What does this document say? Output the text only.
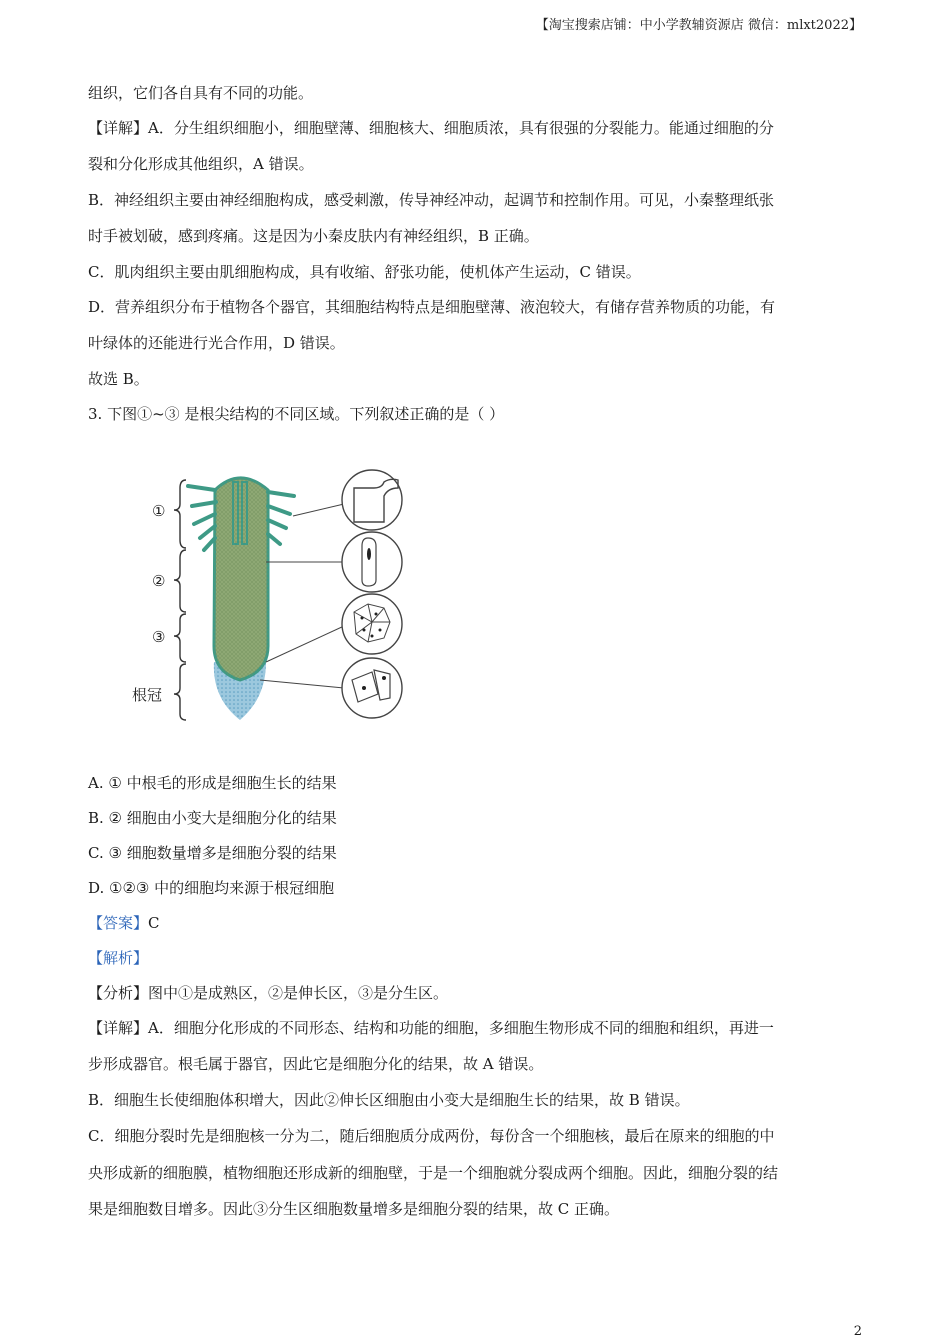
【淘宝搜索店铺：中小学教辅资源店 微信：mlxt2022】
组织，它们各自具有不同的功能。
【详解】A．分生组织细胞小，细胞壁薄、细胞核大、细胞质浓，具有很强的分裂能力。能通过细胞的分
裂和分化形成其他组织，A 错误。
B．神经组织主要由神经细胞构成，感受刺激，传导神经冲动，起调节和控制作用。可见，小秦整理纸张
时手被划破，感到疼痛。这是因为小秦皮肤内有神经组织，B 正确。
C．肌肉组织主要由肌细胞构成，具有收缩、舒张功能，使机体产生运动，C 错误。
D．营养组织分布于植物各个器官，其细胞结构特点是细胞壁薄、液泡较大，有储存营养物质的功能，有
叶绿体的还能进行光合作用，D 错误。
故选 B。
3. 下图①~③ 是根尖结构的不同区域。下列叙述正确的是（ ）
①
②
③
根冠
A. ① 中根毛的形成是细胞生长的结果
B. ② 细胞由小变大是细胞分化的结果
C. ③ 细胞数量增多是细胞分裂的结果
D. ①②③ 中的细胞均来源于根冠细胞
【答案】C
【解析】
【分析】图中①是成熟区，②是伸长区，③是分生区。
【详解】A．细胞分化形成的不同形态、结构和功能的细胞，多细胞生物形成不同的细胞和组织，再进一
步形成器官。根毛属于器官，因此它是细胞分化的结果，故 A 错误。
B．细胞生长使细胞体积增大，因此②伸长区细胞由小变大是细胞生长的结果，故 B 错误。
C．细胞分裂时先是细胞核一分为二，随后细胞质分成两份，每份含一个细胞核，最后在原来的细胞的中
央形成新的细胞膜，植物细胞还形成新的细胞壁，于是一个细胞就分裂成两个细胞。因此，细胞分裂的结
果是细胞数目增多。因此③分生区细胞数量增多是细胞分裂的结果，故 C 正确。
2
